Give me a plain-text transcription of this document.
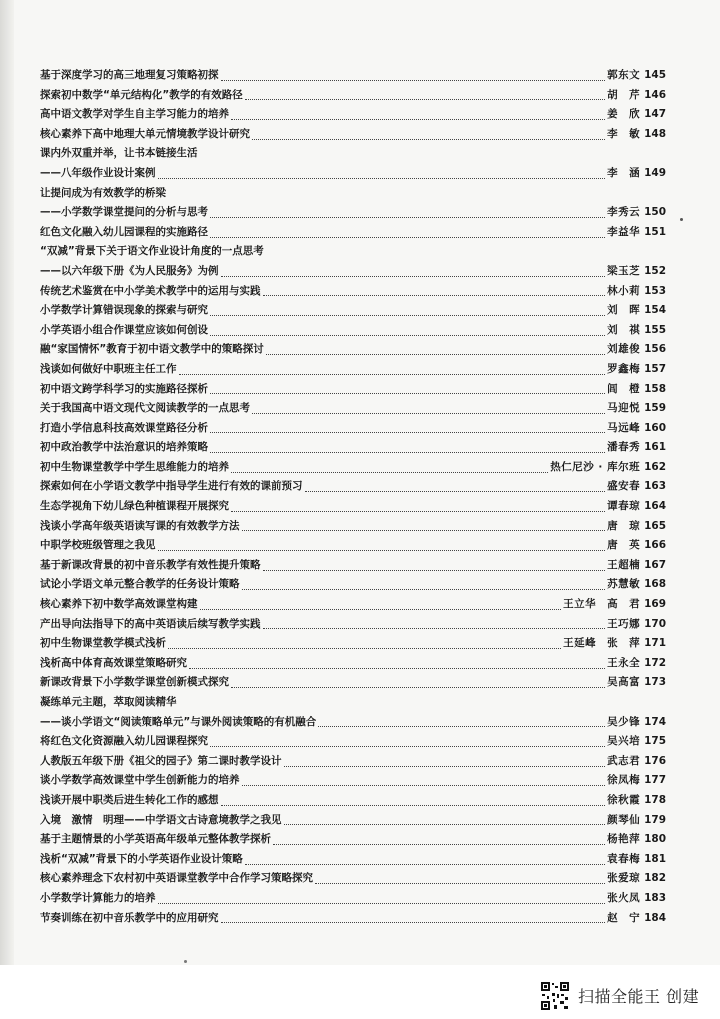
基于深度学习的高三地理复习策略初探	郭东文 145
探索初中数学“单元结构化”教学的有效路径	胡　芹 146
高中语文教学对学生自主学习能力的培养	姜　欣 147
核心素养下高中地理大单元情境教学设计研究	李　敏 148
课内外双重并举，让书本链接生活
——八年级作业设计案例	李　涵 149
让提问成为有效教学的桥梁
——小学数学课堂提问的分析与思考	李秀云 150
红色文化融入幼儿园课程的实施路径	李益华 151
“双减”背景下关于语文作业设计角度的一点思考
——以六年级下册《为人民服务》为例	梁玉芝 152
传统艺术鉴赏在中小学美术教学中的运用与实践	林小莉 153
小学数学计算错误现象的探索与研究	刘　晖 154
小学英语小组合作课堂应该如何创设	刘　祺 155
融“家国情怀”教育于初中语文教学中的策略探讨	刘雄俊 156
浅谈如何做好中职班主任工作	罗鑫梅 157
初中语文跨学科学习的实施路径探析	闾　橙 158
关于我国高中语文现代文阅读教学的一点思考	马迎悦 159
打造小学信息科技高效课堂路径分析	马远峰 160
初中政治教学中法治意识的培养策略	潘春秀 161
初中生物课堂教学中学生思维能力的培养	热仁尼沙 · 库尔班 162
探索如何在小学语文教学中指导学生进行有效的课前预习	盛安春 163
生态学视角下幼儿绿色种植课程开展探究	谭春琼 164
浅谈小学高年级英语读写课的有效教学方法	唐　琼 165
中职学校班级管理之我见	唐　英 166
基于新课改背景的初中音乐教学有效性提升策略	王超楠 167
试论小学语文单元整合教学的任务设计策略	苏慧敏 168
核心素养下初中数学高效课堂构建	王立华　高　君 169
产出导向法指导下的高中英语读后续写教学实践	王巧娜 170
初中生物课堂教学模式浅析	王延峰　张　萍 171
浅析高中体育高效课堂策略研究	王永全 172
新课改背景下小学数学课堂创新模式探究	吴高富 173
凝练单元主题，萃取阅读精华
——谈小学语文“阅读策略单元”与课外阅读策略的有机融合	吴少锋 174
将红色文化资源融入幼儿园课程探究	吴兴培 175
人教版五年级下册《祖父的园子》第二课时教学设计	武志君 176
谈小学数学高效课堂中学生创新能力的培养	徐凤梅 177
浅谈开展中职类后进生转化工作的感想	徐秋霞 178
入境　激情　明理——中学语文古诗意境教学之我见	颜琴仙 179
基于主题情景的小学英语高年级单元整体教学探析	杨艳萍 180
浅析“双减”背景下的小学英语作业设计策略	袁春梅 181
核心素养理念下农村初中英语课堂教学中合作学习策略探究	张爱琼 182
小学数学计算能力的培养	张火凤 183
节奏训练在初中音乐教学中的应用研究	赵　宁 184
扫描全能王 创建
